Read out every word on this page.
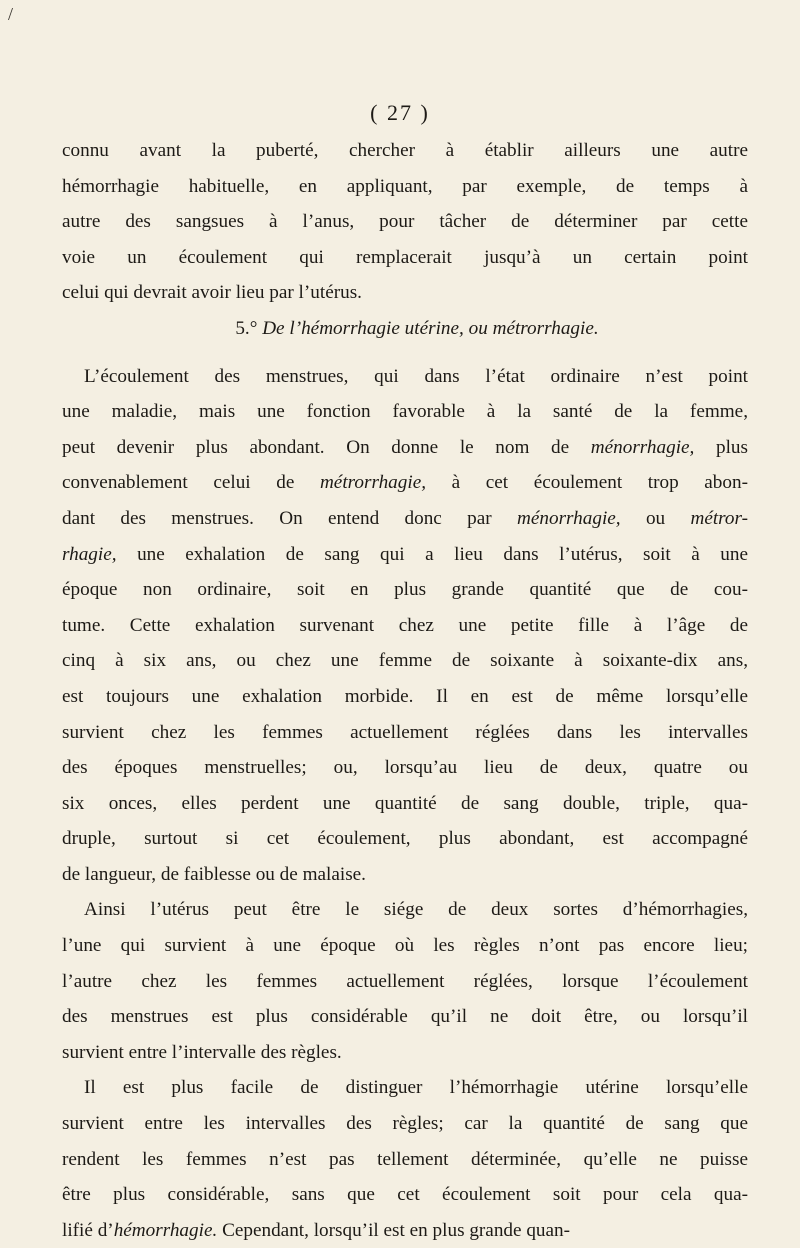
/
( 27 )
connu avant la puberté, chercher à établir ailleurs une autre
hémorrhagie habituelle, en appliquant, par exemple, de temps à
autre des sangsues à l’anus, pour tâcher de déterminer par cette
voie un écoulement qui remplacerait jusqu’à un certain point
celui qui devrait avoir lieu par l’utérus.
5.° De l’hémorrhagie utérine, ou métrorrhagie.
L’écoulement des menstrues, qui dans l’état ordinaire n’est point
une maladie, mais une fonction favorable à la santé de la femme,
peut devenir plus abondant. On donne le nom de ménorrhagie, plus
convenablement celui de métrorrhagie, à cet écoulement trop abon-
dant des menstrues. On entend donc par ménorrhagie, ou métror-
rhagie, une exhalation de sang qui a lieu dans l’utérus, soit à une
époque non ordinaire, soit en plus grande quantité que de cou-
tume. Cette exhalation survenant chez une petite fille à l’âge de
cinq à six ans, ou chez une femme de soixante à soixante-dix ans,
est toujours une exhalation morbide. Il en est de même lorsqu’elle
survient chez les femmes actuellement réglées dans les intervalles
des époques menstruelles; ou, lorsqu’au lieu de deux, quatre ou
six onces, elles perdent une quantité de sang double, triple, qua-
druple, surtout si cet écoulement, plus abondant, est accompagné
de langueur, de faiblesse ou de malaise.
Ainsi l’utérus peut être le siége de deux sortes d’hémorrhagies,
l’une qui survient à une époque où les règles n’ont pas encore lieu;
l’autre chez les femmes actuellement réglées, lorsque l’écoulement
des menstrues est plus considérable qu’il ne doit être, ou lorsqu’il
survient entre l’intervalle des règles.
Il est plus facile de distinguer l’hémorrhagie utérine lorsqu’elle
survient entre les intervalles des règles; car la quantité de sang que
rendent les femmes n’est pas tellement déterminée, qu’elle ne puisse
être plus considérable, sans que cet écoulement soit pour cela qua-
lifié d’hémorrhagie. Cependant, lorsqu’il est en plus grande quan-
